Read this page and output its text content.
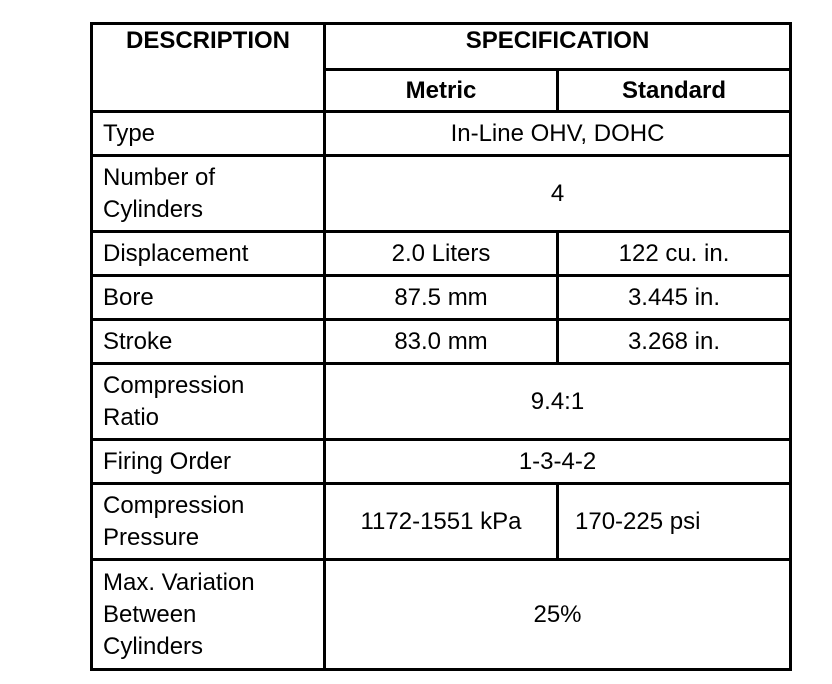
DESCRIPTION	SPECIFICATION	
	Metric	Standard
Type	In-Line OHV, DOHC	
Number of
Cylinders	4	
Displacement	2.0 Liters	122 cu. in.
Bore	87.5 mm	3.445 in.
Stroke	83.0 mm	3.268 in.
Compression
Ratio	9.4:1	
Firing Order	1-3-4-2	
Compression
Pressure	1172-1551 kPa	170-225 psi
Max. Variation
Between
Cylinders	25%	
